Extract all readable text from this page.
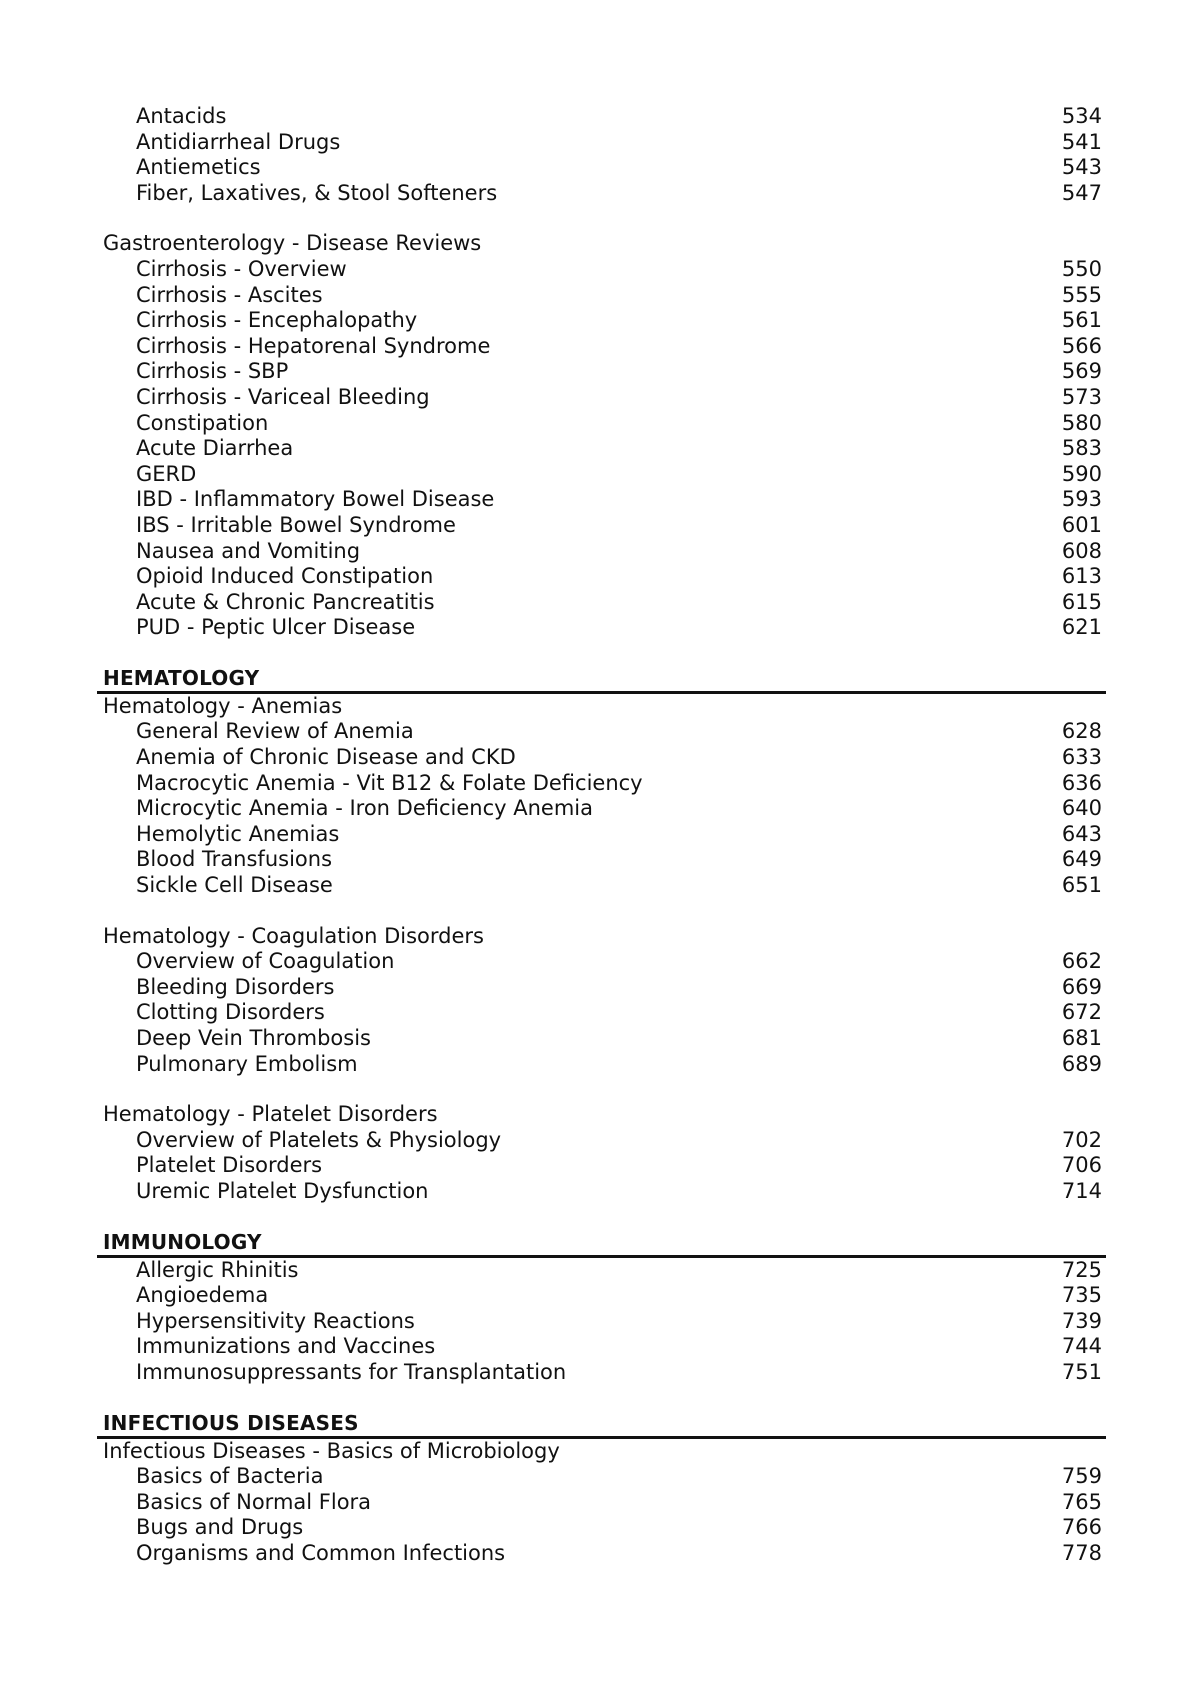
Antacids	534
Antidiarrheal Drugs	541
Antiemetics	543
Fiber, Laxatives, & Stool Softeners	547
Gastroenterology - Disease Reviews
Cirrhosis - Overview	550
Cirrhosis - Ascites	555
Cirrhosis - Encephalopathy	561
Cirrhosis - Hepatorenal Syndrome	566
Cirrhosis - SBP	569
Cirrhosis - Variceal Bleeding	573
Constipation	580
Acute Diarrhea	583
GERD	590
IBD - Inflammatory Bowel Disease	593
IBS - Irritable Bowel Syndrome	601
Nausea and Vomiting	608
Opioid Induced Constipation	613
Acute & Chronic Pancreatitis	615
PUD - Peptic Ulcer Disease	621
HEMATOLOGY
Hematology - Anemias
General Review of Anemia	628
Anemia of Chronic Disease and CKD	633
Macrocytic Anemia - Vit B12 & Folate Deficiency	636
Microcytic Anemia - Iron Deficiency Anemia	640
Hemolytic Anemias	643
Blood Transfusions	649
Sickle Cell Disease	651
Hematology - Coagulation Disorders
Overview of Coagulation	662
Bleeding Disorders	669
Clotting Disorders	672
Deep Vein Thrombosis	681
Pulmonary Embolism	689
Hematology - Platelet Disorders
Overview of Platelets & Physiology	702
Platelet Disorders	706
Uremic Platelet Dysfunction	714
IMMUNOLOGY
Allergic Rhinitis	725
Angioedema	735
Hypersensitivity Reactions	739
Immunizations and Vaccines	744
Immunosuppressants for Transplantation	751
INFECTIOUS DISEASES
Infectious Diseases - Basics of Microbiology
Basics of Bacteria	759
Basics of Normal Flora	765
Bugs and Drugs	766
Organisms and Common Infections	778
